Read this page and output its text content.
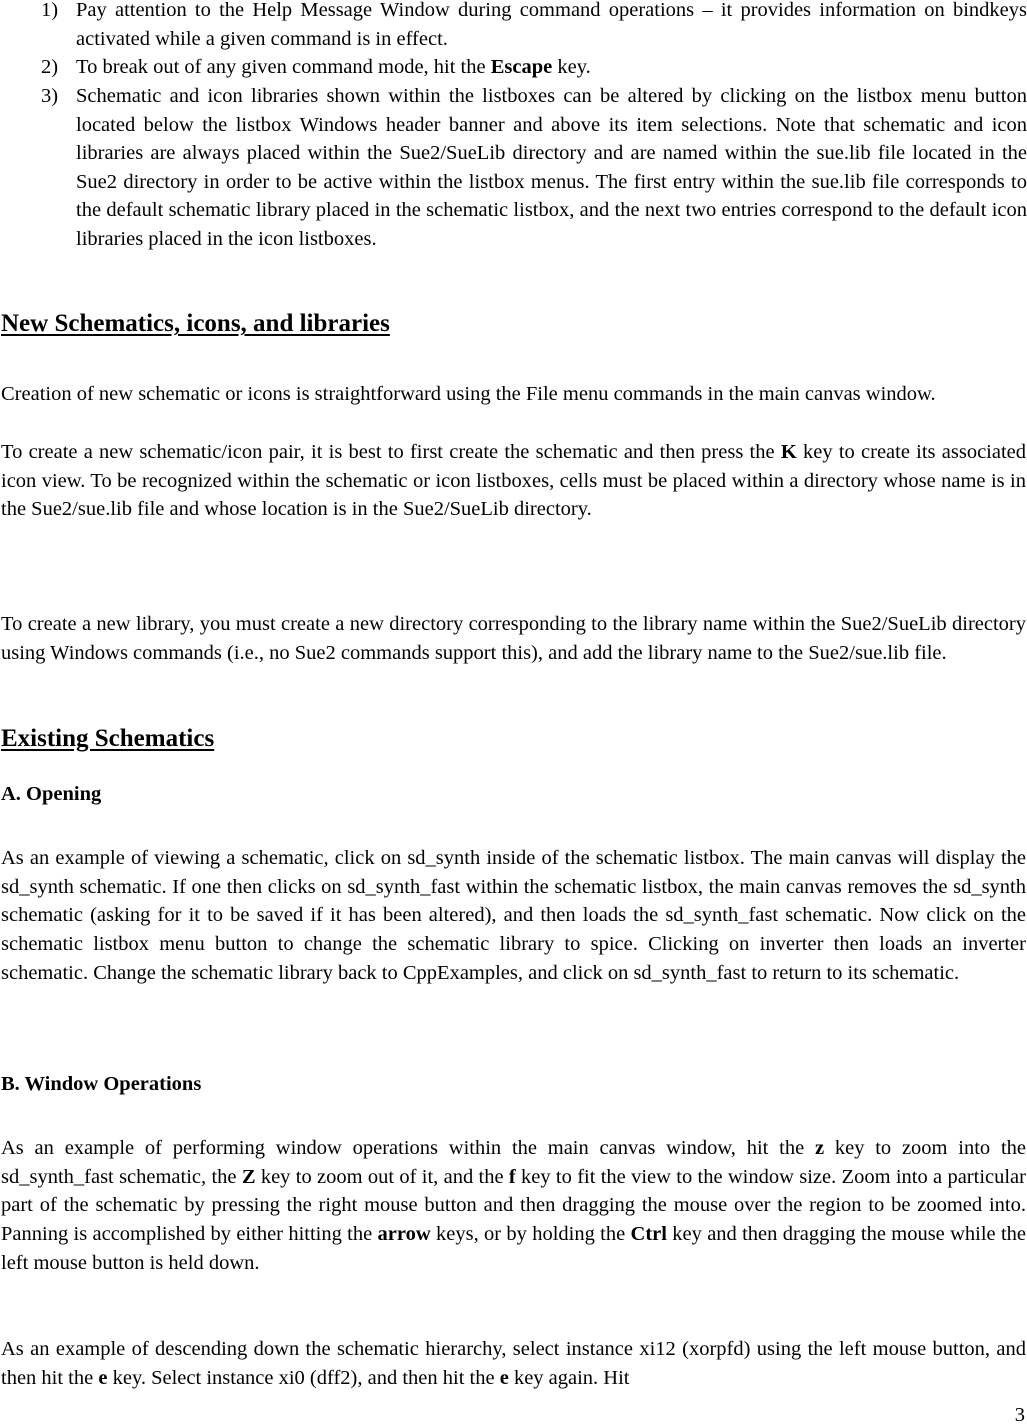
1) Pay attention to the Help Message Window during command operations – it provides information on bindkeys activated while a given command is in effect.

2) To break out of any given command mode, hit the Escape key.

3) Schematic and icon libraries shown within the listboxes can be altered by clicking on the listbox menu button located below the listbox Windows header banner and above its item selections. Note that schematic and icon libraries are always placed within the Sue2/SueLib directory and are named within the sue.lib file located in the Sue2 directory in order to be active within the listbox menus. The first entry within the sue.lib file corresponds to the default schematic library placed in the schematic listbox, and the next two entries correspond to the default icon libraries placed in the icon listboxes.

New Schematics, icons, and libraries

Creation of new schematic or icons is straightforward using the File menu commands in the main canvas window.

To create a new schematic/icon pair, it is best to first create the schematic and then press the K key to create its associated icon view. To be recognized within the schematic or icon listboxes, cells must be placed within a directory whose name is in the Sue2/sue.lib file and whose location is in the Sue2/SueLib directory.

To create a new library, you must create a new directory corresponding to the library name within the Sue2/SueLib directory using Windows commands (i.e., no Sue2 commands support this), and add the library name to the Sue2/sue.lib file.

Existing Schematics
A. Opening

As an example of viewing a schematic, click on sd_synth inside of the schematic listbox. The main canvas will display the sd_synth schematic. If one then clicks on sd_synth_fast within the schematic listbox, the main canvas removes the sd_synth schematic (asking for it to be saved if it has been altered), and then loads the sd_synth_fast schematic. Now click on the schematic listbox menu button to change the schematic library to spice. Clicking on inverter then loads an inverter schematic. Change the schematic library back to CppExamples, and click on sd_synth_fast to return to its schematic.

B. Window Operations

As an example of performing window operations within the main canvas window, hit the z key to zoom into the sd_synth_fast schematic, the Z key to zoom out of it, and the f key to fit the view to the window size. Zoom into a particular part of the schematic by pressing the right mouse button and then dragging the mouse over the region to be zoomed into. Panning is accomplished by either hitting the arrow keys, or by holding the Ctrl key and then dragging the mouse while the left mouse button is held down.

As an example of descending down the schematic hierarchy, select instance xi12 (xorpfd) using the left mouse button, and then hit the e key. Select instance xi0 (dff2), and then hit the e key again. Hit

3
